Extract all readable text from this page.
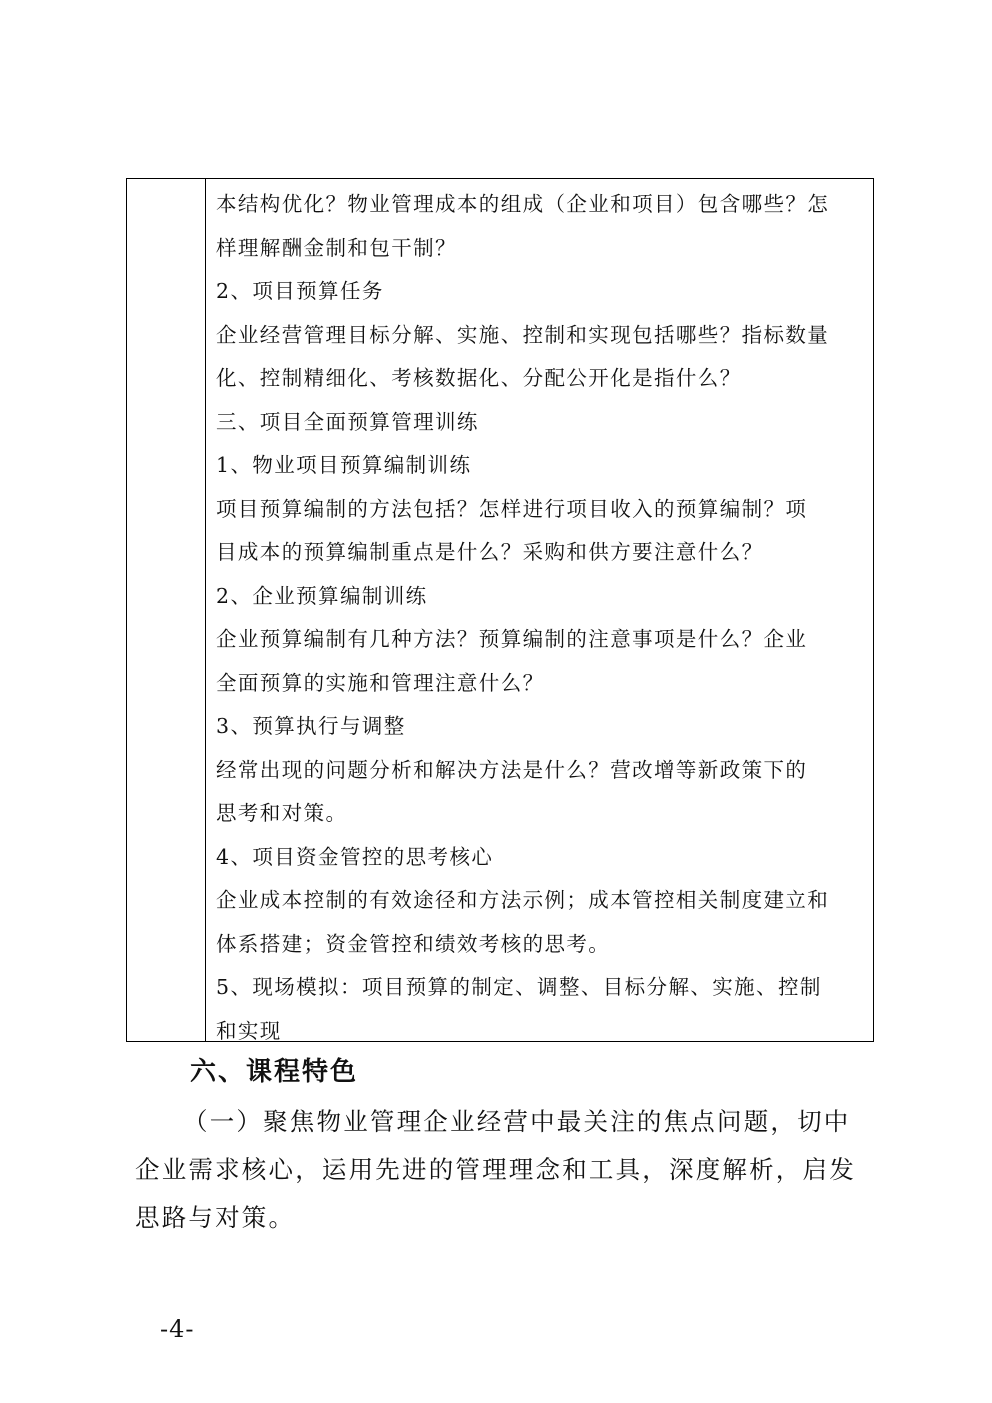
本结构优化？物业管理成本的组成（企业和项目）包含哪些？怎

样理解酬金制和包干制？

2、项目预算任务

企业经营管理目标分解、实施、控制和实现包括哪些？指标数量

化、控制精细化、考核数据化、分配公开化是指什么？

三、项目全面预算管理训练

1、物业项目预算编制训练

项目预算编制的方法包括？怎样进行项目收入的预算编制？项

目成本的预算编制重点是什么？采购和供方要注意什么？

2、企业预算编制训练

企业预算编制有几种方法？预算编制的注意事项是什么？企业

全面预算的实施和管理注意什么？

3、预算执行与调整

经常出现的问题分析和解决方法是什么？营改增等新政策下的

思考和对策。

4、项目资金管控的思考核心

企业成本控制的有效途径和方法示例；成本管控相关制度建立和

体系搭建；资金管控和绩效考核的思考。

5、现场模拟：项目预算的制定、调整、目标分解、实施、控制

和实现

六、课程特色

（一）聚焦物业管理企业经营中最关注的焦点问题，切中企业需求核心，运用先进的管理理念和工具，深度解析，启发思路与对策。

-4-
